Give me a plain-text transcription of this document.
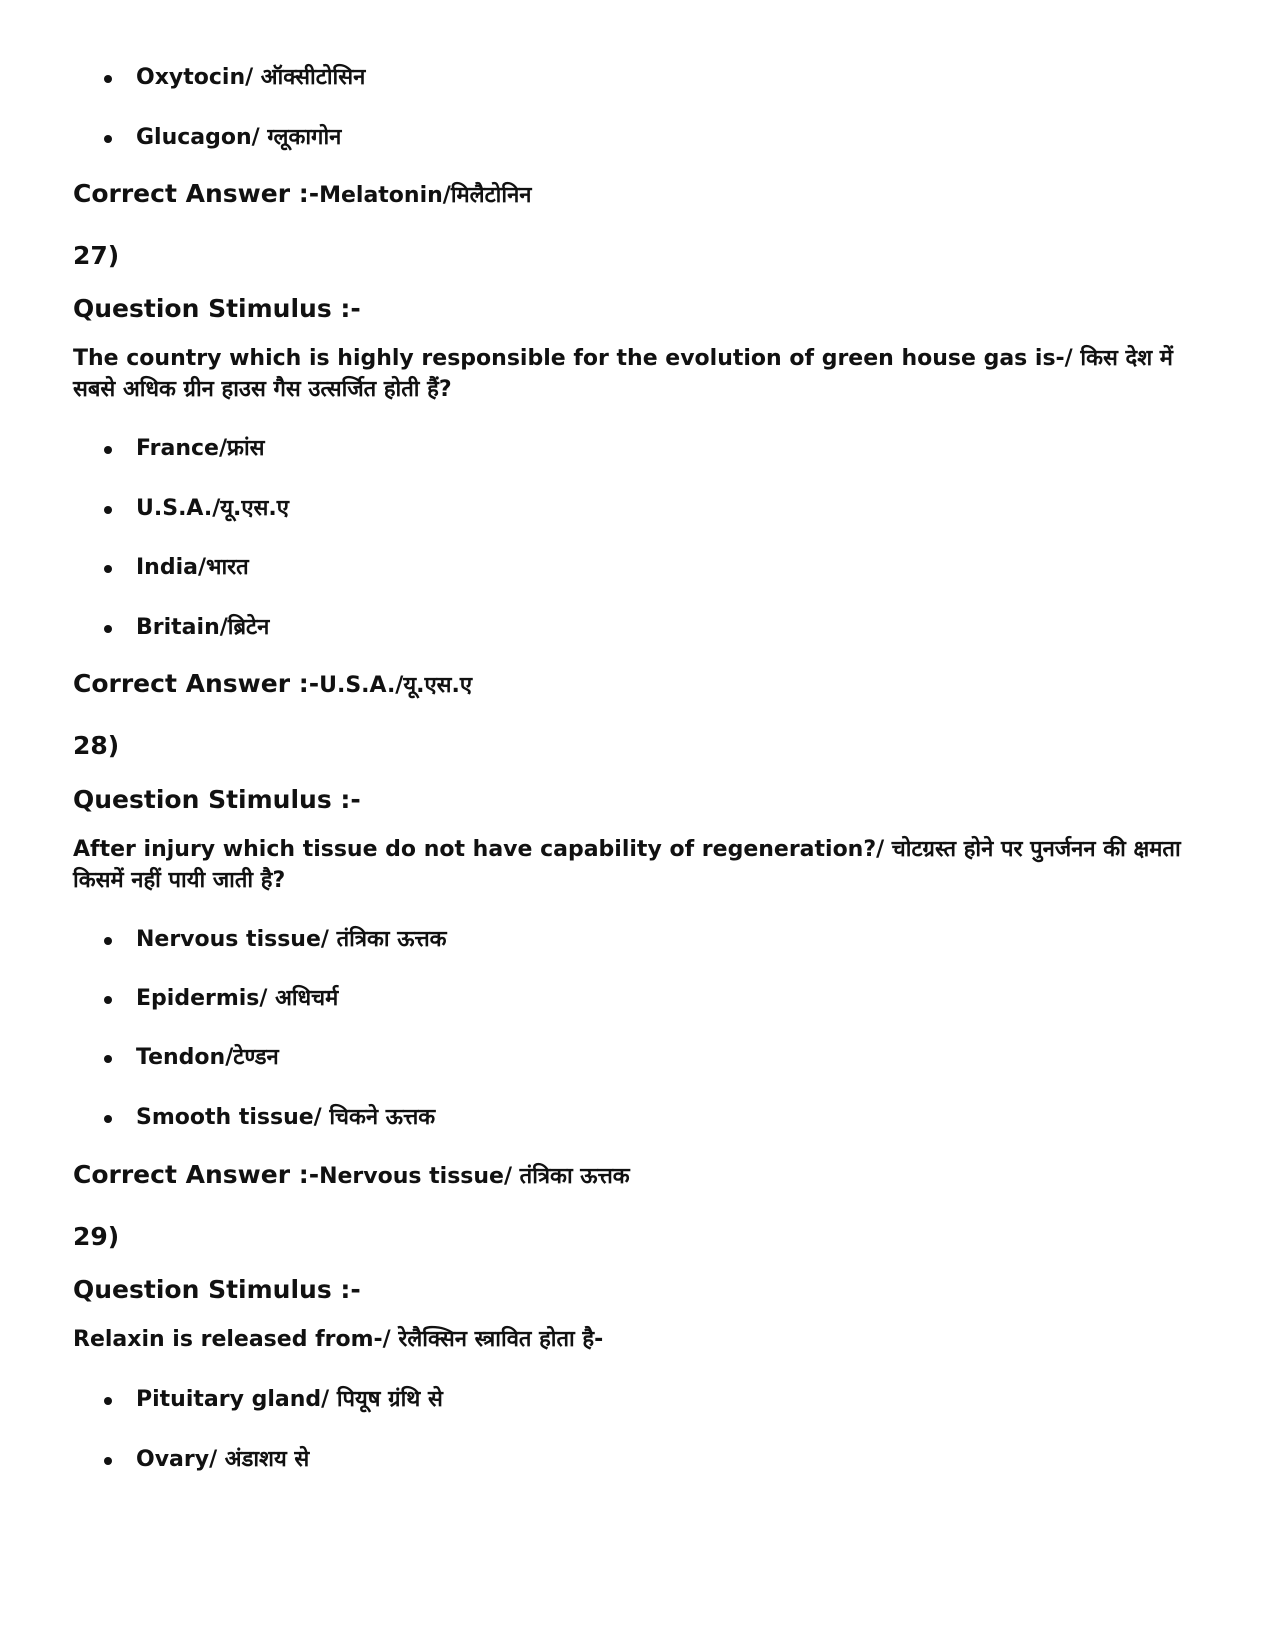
Oxytocin/ ऑक्सीटोसिन
Glucagon/ ग्लूकागोन
Correct Answer :-Melatonin/मिलैटोनिन
27)
Question Stimulus :-
The country which is highly responsible for the evolution of green house gas is-/ किस देश में सबसे अधिक ग्रीन हाउस गैस उत्सर्जित होती हैं?
France/फ्रांस
U.S.A./यू.एस.ए
India/भारत
Britain/ब्रिटेन
Correct Answer :-U.S.A./यू.एस.ए
28)
Question Stimulus :-
After injury which tissue do not have capability of regeneration?/ चोटग्रस्त होने पर पुनर्जनन की क्षमता किसमें नहीं पायी जाती है?
Nervous tissue/ तंत्रिका ऊत्तक
Epidermis/ अधिचर्म
Tendon/टेण्डन
Smooth tissue/ चिकने ऊत्तक
Correct Answer :-Nervous tissue/ तंत्रिका ऊत्तक
29)
Question Stimulus :-
Relaxin is released from-/ रेलैक्सिन स्त्रावित होता है-
Pituitary gland/ पियूष ग्रंथि से
Ovary/ अंडाशय से
